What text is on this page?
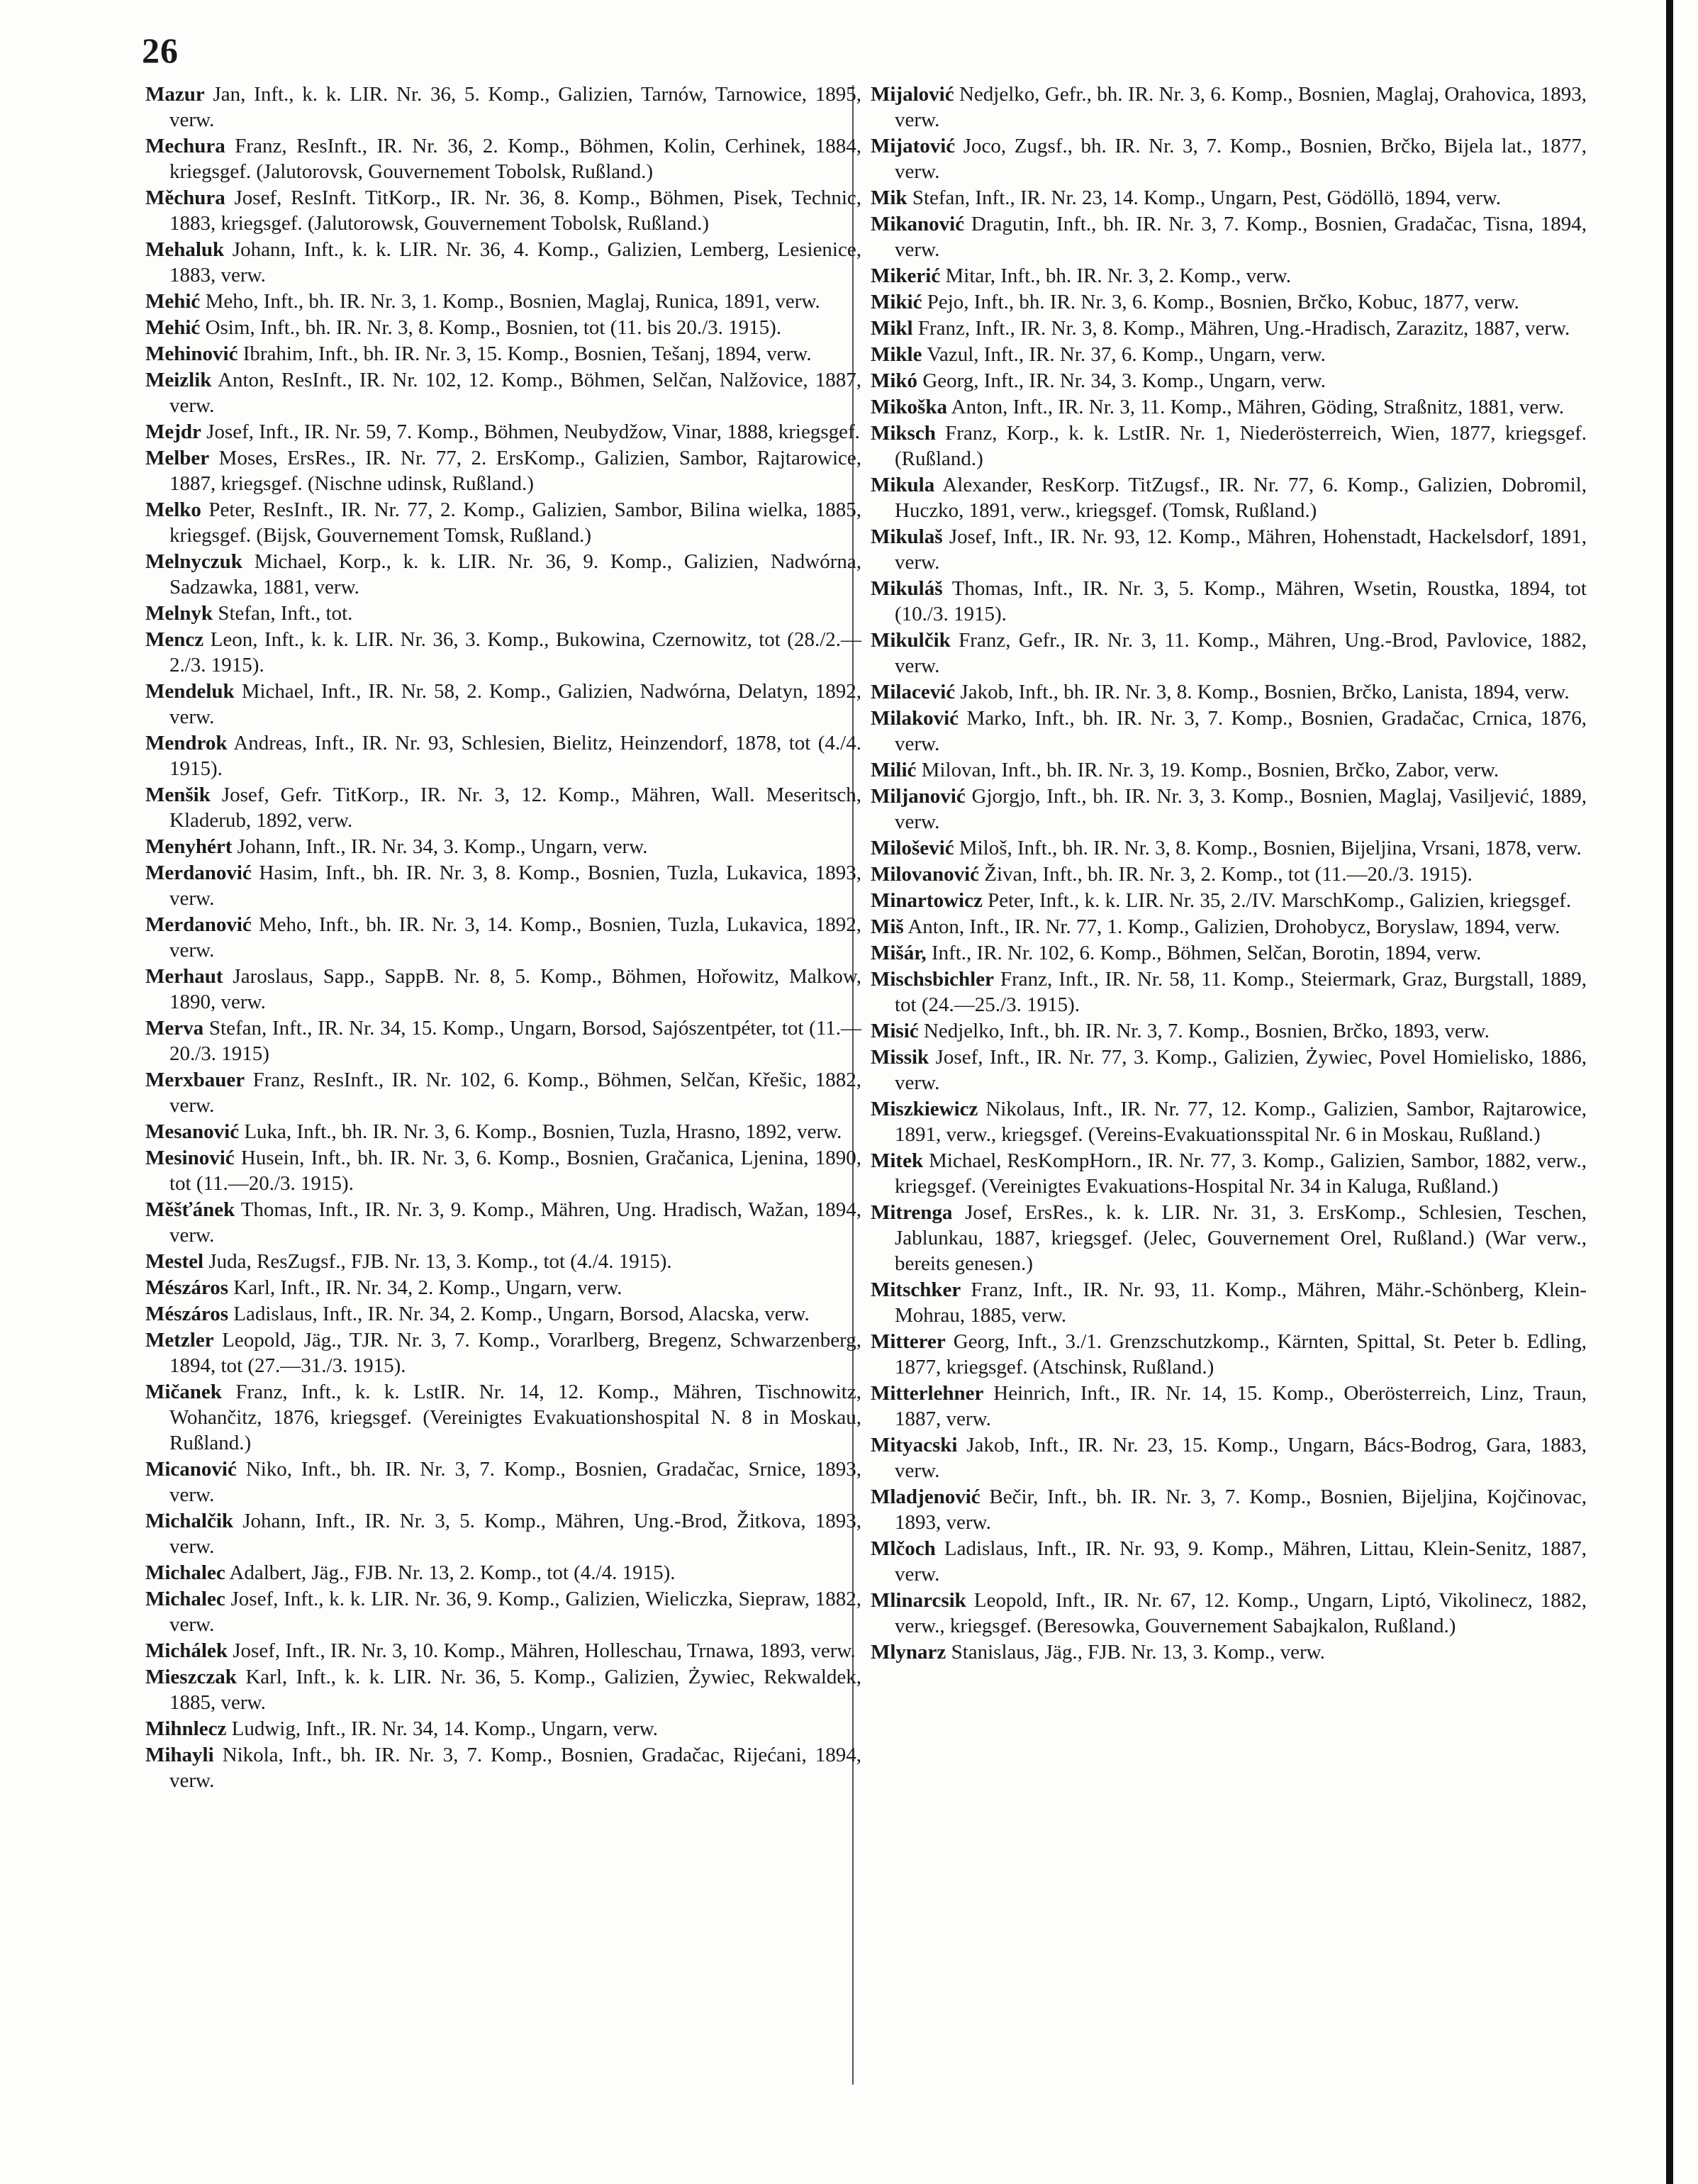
26

Mazur Jan, Inft., k. k. LIR. Nr. 36, 5. Komp., Galizien, Tarnów, Tarnowice, 1895, verw.

Mechura Franz, ResInft., IR. Nr. 36, 2. Komp., Böhmen, Kolin, Cerhinek, 1884, kriegsgef. (Jalutorovsk, Gouvernement Tobolsk, Rußland.)

Měchura Josef, ResInft. TitKorp., IR. Nr. 36, 8. Komp., Böhmen, Pisek, Technic, 1883, kriegsgef. (Jalutorowsk, Gouvernement Tobolsk, Rußland.)

Mehaluk Johann, Inft., k. k. LIR. Nr. 36, 4. Komp., Galizien, Lemberg, Lesienice, 1883, verw.

Mehić Meho, Inft., bh. IR. Nr. 3, 1. Komp., Bosnien, Maglaj, Runica, 1891, verw.

Mehić Osim, Inft., bh. IR. Nr. 3, 8. Komp., Bosnien, tot (11. bis 20./3. 1915).

Mehinović Ibrahim, Inft., bh. IR. Nr. 3, 15. Komp., Bosnien, Tešanj, 1894, verw.

Meizlik Anton, ResInft., IR. Nr. 102, 12. Komp., Böhmen, Selčan, Nalžovice, 1887, verw.

Mejdr Josef, Inft., IR. Nr. 59, 7. Komp., Böhmen, Neubydžow, Vinar, 1888, kriegsgef.

Melber Moses, ErsRes., IR. Nr. 77, 2. ErsKomp., Galizien, Sambor, Rajtarowice, 1887, kriegsgef. (Nischne udinsk, Rußland.)

Melko Peter, ResInft., IR. Nr. 77, 2. Komp., Galizien, Sambor, Bilina wielka, 1885, kriegsgef. (Bijsk, Gouvernement Tomsk, Rußland.)

Melnyczuk Michael, Korp., k. k. LIR. Nr. 36, 9. Komp., Galizien, Nadwórna, Sadzawka, 1881, verw.

Melnyk Stefan, Inft., tot.

Mencz Leon, Inft., k. k. LIR. Nr. 36, 3. Komp., Bukowina, Czernowitz, tot (28./2.—2./3. 1915).

Mendeluk Michael, Inft., IR. Nr. 58, 2. Komp., Galizien, Nadwórna, Delatyn, 1892, verw.

Mendrok Andreas, Inft., IR. Nr. 93, Schlesien, Bielitz, Heinzendorf, 1878, tot (4./4. 1915).

Menšik Josef, Gefr. TitKorp., IR. Nr. 3, 12. Komp., Mähren, Wall. Meseritsch, Kladerub, 1892, verw.

Menyhért Johann, Inft., IR. Nr. 34, 3. Komp., Ungarn, verw.

Merdanović Hasim, Inft., bh. IR. Nr. 3, 8. Komp., Bosnien, Tuzla, Lukavica, 1893, verw.

Merdanović Meho, Inft., bh. IR. Nr. 3, 14. Komp., Bosnien, Tuzla, Lukavica, 1892, verw.

Merhaut Jaroslaus, Sapp., SappB. Nr. 8, 5. Komp., Böhmen, Hořowitz, Malkow, 1890, verw.

Merva Stefan, Inft., IR. Nr. 34, 15. Komp., Ungarn, Borsod, Sajószentpéter, tot (11.—20./3. 1915)

Merxbauer Franz, ResInft., IR. Nr. 102, 6. Komp., Böhmen, Selčan, Křešic, 1882, verw.

Mesanović Luka, Inft., bh. IR. Nr. 3, 6. Komp., Bosnien, Tuzla, Hrasno, 1892, verw.

Mesinović Husein, Inft., bh. IR. Nr. 3, 6. Komp., Bosnien, Gračanica, Ljenina, 1890, tot (11.—20./3. 1915).

Měšťánek Thomas, Inft., IR. Nr. 3, 9. Komp., Mähren, Ung. Hradisch, Wažan, 1894, verw.

Mestel Juda, ResZugsf., FJB. Nr. 13, 3. Komp., tot (4./4. 1915).

Mészáros Karl, Inft., IR. Nr. 34, 2. Komp., Ungarn, verw.

Mészáros Ladislaus, Inft., IR. Nr. 34, 2. Komp., Ungarn, Borsod, Alacska, verw.

Metzler Leopold, Jäg., TJR. Nr. 3, 7. Komp., Vorarlberg, Bregenz, Schwarzenberg, 1894, tot (27.—31./3. 1915).

Mičanek Franz, Inft., k. k. LstIR. Nr. 14, 12. Komp., Mähren, Tischnowitz, Wohančitz, 1876, kriegsgef. (Vereinigtes Evakuationshospital N. 8 in Moskau, Rußland.)

Micanović Niko, Inft., bh. IR. Nr. 3, 7. Komp., Bosnien, Gradačac, Srnice, 1893, verw.

Michalčik Johann, Inft., IR. Nr. 3, 5. Komp., Mähren, Ung.-Brod, Žitkova, 1893, verw.

Michalec Adalbert, Jäg., FJB. Nr. 13, 2. Komp., tot (4./4. 1915).

Michalec Josef, Inft., k. k. LIR. Nr. 36, 9. Komp., Galizien, Wieliczka, Siepraw, 1882, verw.

Michálek Josef, Inft., IR. Nr. 3, 10. Komp., Mähren, Holleschau, Trnawa, 1893, verw.

Mieszczak Karl, Inft., k. k. LIR. Nr. 36, 5. Komp., Galizien, Żywiec, Rekwaldek, 1885, verw.

Mihnlecz Ludwig, Inft., IR. Nr. 34, 14. Komp., Ungarn, verw.

Mihayli Nikola, Inft., bh. IR. Nr. 3, 7. Komp., Bosnien, Gradačac, Rijećani, 1894, verw.

Mijalović Nedjelko, Gefr., bh. IR. Nr. 3, 6. Komp., Bosnien, Maglaj, Orahovica, 1893, verw.

Mijatović Joco, Zugsf., bh. IR. Nr. 3, 7. Komp., Bosnien, Brčko, Bijela lat., 1877, verw.

Mik Stefan, Inft., IR. Nr. 23, 14. Komp., Ungarn, Pest, Gödöllö, 1894, verw.

Mikanović Dragutin, Inft., bh. IR. Nr. 3, 7. Komp., Bosnien, Gradačac, Tisna, 1894, verw.

Mikerić Mitar, Inft., bh. IR. Nr. 3, 2. Komp., verw.

Mikić Pejo, Inft., bh. IR. Nr. 3, 6. Komp., Bosnien, Brčko, Kobuc, 1877, verw.

Mikl Franz, Inft., IR. Nr. 3, 8. Komp., Mähren, Ung.-Hradisch, Zarazitz, 1887, verw.

Mikle Vazul, Inft., IR. Nr. 37, 6. Komp., Ungarn, verw.

Mikó Georg, Inft., IR. Nr. 34, 3. Komp., Ungarn, verw.

Mikoška Anton, Inft., IR. Nr. 3, 11. Komp., Mähren, Göding, Straßnitz, 1881, verw.

Miksch Franz, Korp., k. k. LstIR. Nr. 1, Niederösterreich, Wien, 1877, kriegsgef. (Rußland.)

Mikula Alexander, ResKorp. TitZugsf., IR. Nr. 77, 6. Komp., Galizien, Dobromil, Huczko, 1891, verw., kriegsgef. (Tomsk, Rußland.)

Mikulaš Josef, Inft., IR. Nr. 93, 12. Komp., Mähren, Hohenstadt, Hackelsdorf, 1891, verw.

Mikuláš Thomas, Inft., IR. Nr. 3, 5. Komp., Mähren, Wsetin, Roustka, 1894, tot (10./3. 1915).

Mikulčik Franz, Gefr., IR. Nr. 3, 11. Komp., Mähren, Ung.-Brod, Pavlovice, 1882, verw.

Milacević Jakob, Inft., bh. IR. Nr. 3, 8. Komp., Bosnien, Brčko, Lanista, 1894, verw.

Milaković Marko, Inft., bh. IR. Nr. 3, 7. Komp., Bosnien, Gradačac, Crnica, 1876, verw.

Milić Milovan, Inft., bh. IR. Nr. 3, 19. Komp., Bosnien, Brčko, Zabor, verw.

Miljanović Gjorgjo, Inft., bh. IR. Nr. 3, 3. Komp., Bosnien, Maglaj, Vasiljević, 1889, verw.

Milošević Miloš, Inft., bh. IR. Nr. 3, 8. Komp., Bosnien, Bijeljina, Vrsani, 1878, verw.

Milovanović Živan, Inft., bh. IR. Nr. 3, 2. Komp., tot (11.—20./3. 1915).

Minartowicz Peter, Inft., k. k. LIR. Nr. 35, 2./IV. MarschKomp., Galizien, kriegsgef.

Miš Anton, Inft., IR. Nr. 77, 1. Komp., Galizien, Drohobycz, Boryslaw, 1894, verw.

Mišár, Inft., IR. Nr. 102, 6. Komp., Böhmen, Selčan, Borotin, 1894, verw.

Mischsbichler Franz, Inft., IR. Nr. 58, 11. Komp., Steiermark, Graz, Burgstall, 1889, tot (24.—25./3. 1915).

Misić Nedjelko, Inft., bh. IR. Nr. 3, 7. Komp., Bosnien, Brčko, 1893, verw.

Missik Josef, Inft., IR. Nr. 77, 3. Komp., Galizien, Żywiec, Povel Homielisko, 1886, verw.

Miszkiewicz Nikolaus, Inft., IR. Nr. 77, 12. Komp., Galizien, Sambor, Rajtarowice, 1891, verw., kriegsgef. (Vereins-Evakuationsspital Nr. 6 in Moskau, Rußland.)

Mitek Michael, ResKompHorn., IR. Nr. 77, 3. Komp., Galizien, Sambor, 1882, verw., kriegsgef. (Vereinigtes Evakuations-Hospital Nr. 34 in Kaluga, Rußland.)

Mitrenga Josef, ErsRes., k. k. LIR. Nr. 31, 3. ErsKomp., Schlesien, Teschen, Jablunkau, 1887, kriegsgef. (Jelec, Gouvernement Orel, Rußland.) (War verw., bereits genesen.)

Mitschker Franz, Inft., IR. Nr. 93, 11. Komp., Mähren, Mähr.-Schönberg, Klein-Mohrau, 1885, verw.

Mitterer Georg, Inft., 3./1. Grenzschutzkomp., Kärnten, Spittal, St. Peter b. Edling, 1877, kriegsgef. (Atschinsk, Rußland.)

Mitterlehner Heinrich, Inft., IR. Nr. 14, 15. Komp., Oberösterreich, Linz, Traun, 1887, verw.

Mityacski Jakob, Inft., IR. Nr. 23, 15. Komp., Ungarn, Bács-Bodrog, Gara, 1883, verw.

Mladjenović Bečir, Inft., bh. IR. Nr. 3, 7. Komp., Bosnien, Bijeljina, Kojčinovac, 1893, verw.

Mlčoch Ladislaus, Inft., IR. Nr. 93, 9. Komp., Mähren, Littau, Klein-Senitz, 1887, verw.

Mlinarcsik Leopold, Inft., IR. Nr. 67, 12. Komp., Ungarn, Liptó, Vikolinecz, 1882, verw., kriegsgef. (Beresowka, Gouvernement Sabajkalon, Rußland.)

Mlynarz Stanislaus, Jäg., FJB. Nr. 13, 3. Komp., verw.
